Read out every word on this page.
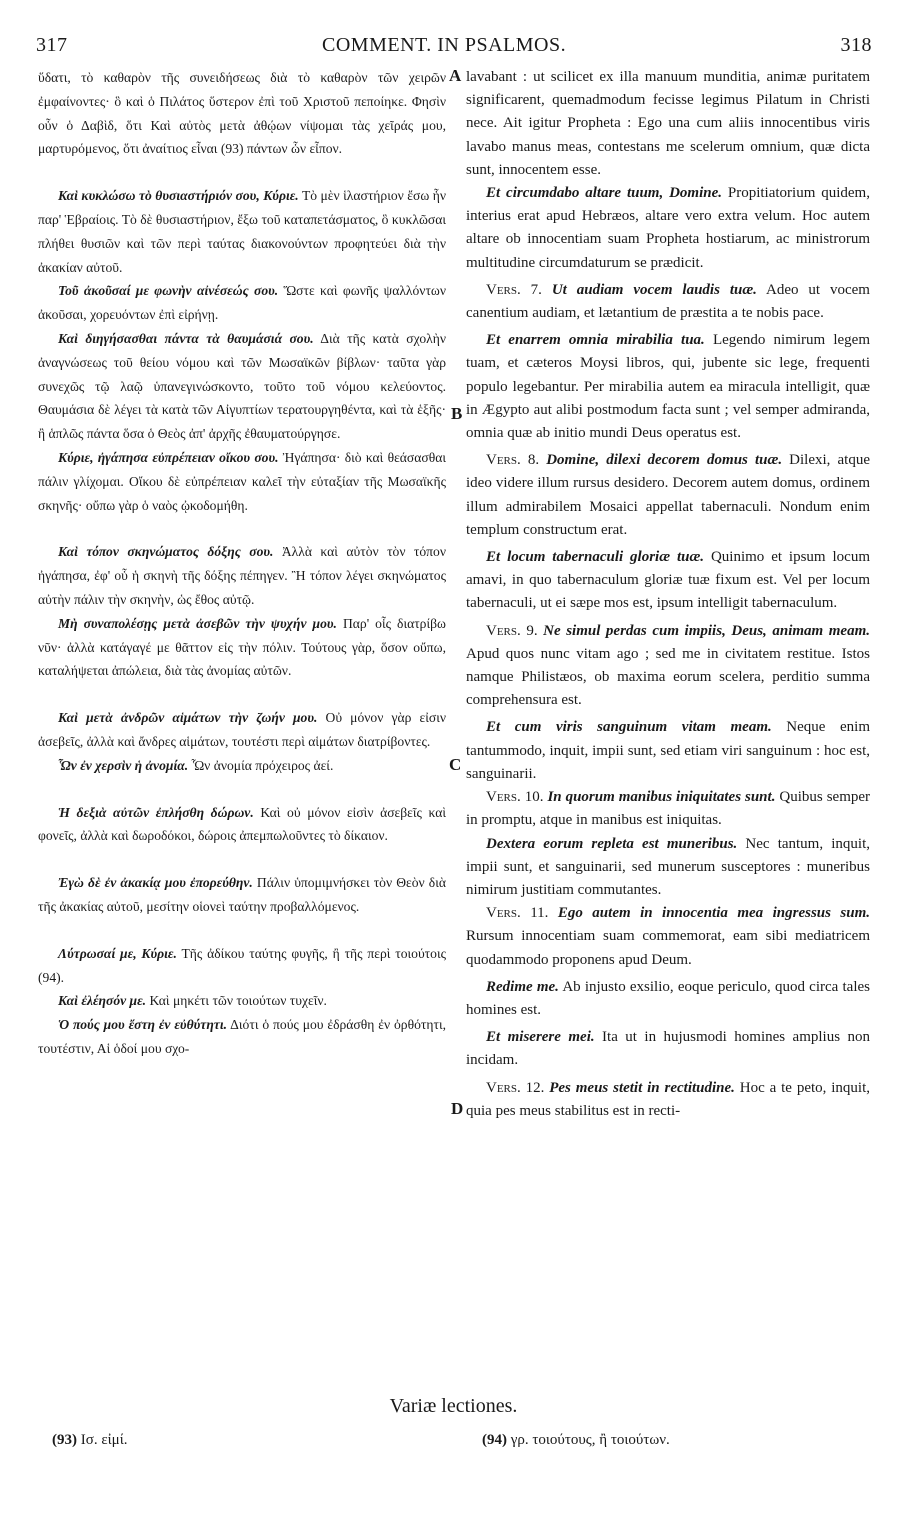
317	COMMENT. IN PSALMOS.	318

ὕδατι, τὸ καθαρὸν τῆς συνειδήσεως διὰ τὸ καθαρὸν τῶν χειρῶν ἐμφαίνοντες· ὃ καὶ ὁ Πιλάτος ὕστερον ἐπὶ τοῦ Χριστοῦ πεποίηκε. Φησὶν οὖν ὁ Δαβὶδ, ὅτι Καὶ αὐτὸς μετὰ ἀθῴων νίψομαι τὰς χεῖράς μου, μαρτυρόμενος, ὅτι ἀναίτιος εἶναι (93) πάντων ὧν εἶπον.

Καὶ κυκλώσω τὸ θυσιαστήριόν σου, Κύριε. Τὸ μὲν ἱλαστήριον ἔσω ἦν παρ' Ἑβραίοις. Τὸ δὲ θυσιαστήριον, ἔξω τοῦ καταπετάσματος, ὃ κυκλῶσαι πλήθει θυσιῶν καὶ τῶν περὶ ταύτας διακονούντων προφητεύει διὰ τὴν ἀκακίαν αὐτοῦ.

Τοῦ ἀκοῦσαί με φωνὴν αἰνέσεώς σου. Ὥστε καὶ φωνῆς ψαλλόντων ἀκοῦσαι, χορευόντων ἐπὶ εἰρήνῃ.

Καὶ διηγήσασθαι πάντα τὰ θαυμάσιά σου. Διὰ τῆς κατὰ σχολὴν ἀναγνώσεως τοῦ θείου νόμου καὶ τῶν Μωσαϊκῶν βίβλων· ταῦτα γὰρ συνεχῶς τῷ λαῷ ὑπανεγινώσκοντο, τοῦτο τοῦ νόμου κελεύοντος. Θαυμάσια δὲ λέγει τὰ κατὰ τῶν Αἰγυπτίων τερατουργηθέντα, καὶ τὰ ἑξῆς· ἢ ἁπλῶς πάντα ὅσα ὁ Θεὸς ἀπ' ἀρχῆς ἐθαυματούργησε.

Κύριε, ἠγάπησα εὐπρέπειαν οἴκου σου. Ἠγάπησα· διὸ καὶ θεάσασθαι πάλιν γλίχομαι. Οἴκου δὲ εὐπρέπειαν καλεῖ τὴν εὐταξίαν τῆς Μωσαϊκῆς σκηνῆς· οὔπω γὰρ ὁ ναὸς ᾠκοδομήθη.

Καὶ τόπον σκηνώματος δόξης σου. Ἀλλὰ καὶ αὐτὸν τὸν τόπον ἠγάπησα, ἐφ' οὗ ἡ σκηνὴ τῆς δόξης πέπηγεν. Ἢ τόπον λέγει σκηνώματος αὐτὴν πάλιν τὴν σκηνὴν, ὡς ἔθος αὐτῷ.

Μὴ συναπολέσῃς μετὰ ἀσεβῶν τὴν ψυχήν μου. Παρ' οἷς διατρίβω νῦν· ἀλλὰ κατάγαγέ με θᾶττον εἰς τὴν πόλιν. Τούτους γὰρ, ὅσον οὔπω, καταλήψεται ἀπώλεια, διὰ τὰς ἀνομίας αὐτῶν.

Καὶ μετὰ ἀνδρῶν αἱμάτων τὴν ζωήν μου. Οὐ μόνον γὰρ εἰσιν ἀσεβεῖς, ἀλλὰ καὶ ἄνδρες αἱμάτων, τουτέστι περὶ αἱμάτων διατρίβοντες.

Ὧν ἐν χερσὶν ἡ ἀνομία. Ὧν ἀνομία πρόχειρος ἀεί.

Ἡ δεξιὰ αὐτῶν ἐπλήσθη δώρων. Καὶ οὐ μόνον εἰσὶν ἀσεβεῖς καὶ φονεῖς, ἀλλὰ καὶ δωροδόκοι, δώροις ἀπεμπωλοῦντες τὸ δίκαιον.

Ἐγὼ δὲ ἐν ἀκακίᾳ μου ἐπορεύθην. Πάλιν ὑπομιμνήσκει τὸν Θεὸν διὰ τῆς ἀκακίας αὐτοῦ, μεσίτην οἱονεὶ ταύτην προβαλλόμενος.

Λύτρωσαί με, Κύριε. Τῆς ἀδίκου ταύτης φυγῆς, ἢ τῆς περὶ τοιούτοις (94).

Καὶ ἐλέησόν με. Καὶ μηκέτι τῶν τοιούτων τυχεῖν.

Ὁ πούς μου ἔστη ἐν εὐθύτητι. Διότι ὁ πούς μου ἐδράσθη ἐν ὀρθότητι, τουτέστιν, Αἱ ὁδοί μου σχο-

A
B
C
D

lavabant : ut scilicet ex illa manuum munditia, animæ puritatem significarent, quemadmodum fecisse legimus Pilatum in Christi nece. Ait igitur Propheta : Ego una cum aliis innocentibus viris lavabo manus meas, contestans me scelerum omnium, quæ dicta sunt, innocentem esse.

Et circumdabo altare tuum, Domine. Propitiatorium quidem, interius erat apud Hebræos, altare vero extra velum. Hoc autem altare ob innocentiam suam Propheta hostiarum, ac ministrorum multitudine circumdaturum se prædicit.

Vers. 7. Ut audiam vocem laudis tuæ. Adeo ut vocem canentium audiam, et lætantium de præstita a te nobis pace.

Et enarrem omnia mirabilia tua. Legendo nimirum legem tuam, et cæteros Moysi libros, qui, jubente sic lege, frequenti populo legebantur. Per mirabilia autem ea miracula intelligit, quæ in Ægypto aut alibi postmodum facta sunt ; vel semper admiranda, omnia quæ ab initio mundi Deus operatus est.

Vers. 8. Domine, dilexi decorem domus tuæ. Dilexi, atque ideo videre illum rursus desidero. Decorem autem domus, ordinem illum admirabilem Mosaici appellat tabernaculi. Nondum enim templum constructum erat.

Et locum tabernaculi gloriæ tuæ. Quinimo et ipsum locum amavi, in quo tabernaculum gloriæ tuæ fixum est. Vel per locum tabernaculi, ut ei sæpe mos est, ipsum intelligit tabernaculum.

Vers. 9. Ne simul perdas cum impiis, Deus, animam meam. Apud quos nunc vitam ago ; sed me in civitatem restitue. Istos namque Philistæos, ob maxima eorum scelera, perditio summa comprehensura est.

Et cum viris sanguinum vitam meam. Neque enim tantummodo, inquit, impii sunt, sed etiam viri sanguinum : hoc est, sanguinarii.

Vers. 10. In quorum manibus iniquitates sunt. Quibus semper in promptu, atque in manibus est iniquitas.

Dextera eorum repleta est muneribus. Nec tantum, inquit, impii sunt, et sanguinarii, sed munerum susceptores : muneribus nimirum justitiam commutantes.

Vers. 11. Ego autem in innocentia mea ingressus sum. Rursum innocentiam suam commemorat, eam sibi mediatricem quodammodo proponens apud Deum.

Redime me. Ab injusto exsilio, eoque periculo, quod circa tales homines est.

Et miserere mei. Ita ut in hujusmodi homines amplius non incidam.

Vers. 12. Pes meus stetit in rectitudine. Hoc a te peto, inquit, quia pes meus stabilitus est in recti-

Variæ lectiones.
(93) Ισ. εἰμί.	(94) γρ. τοιούτους, ἢ τοιούτων.
